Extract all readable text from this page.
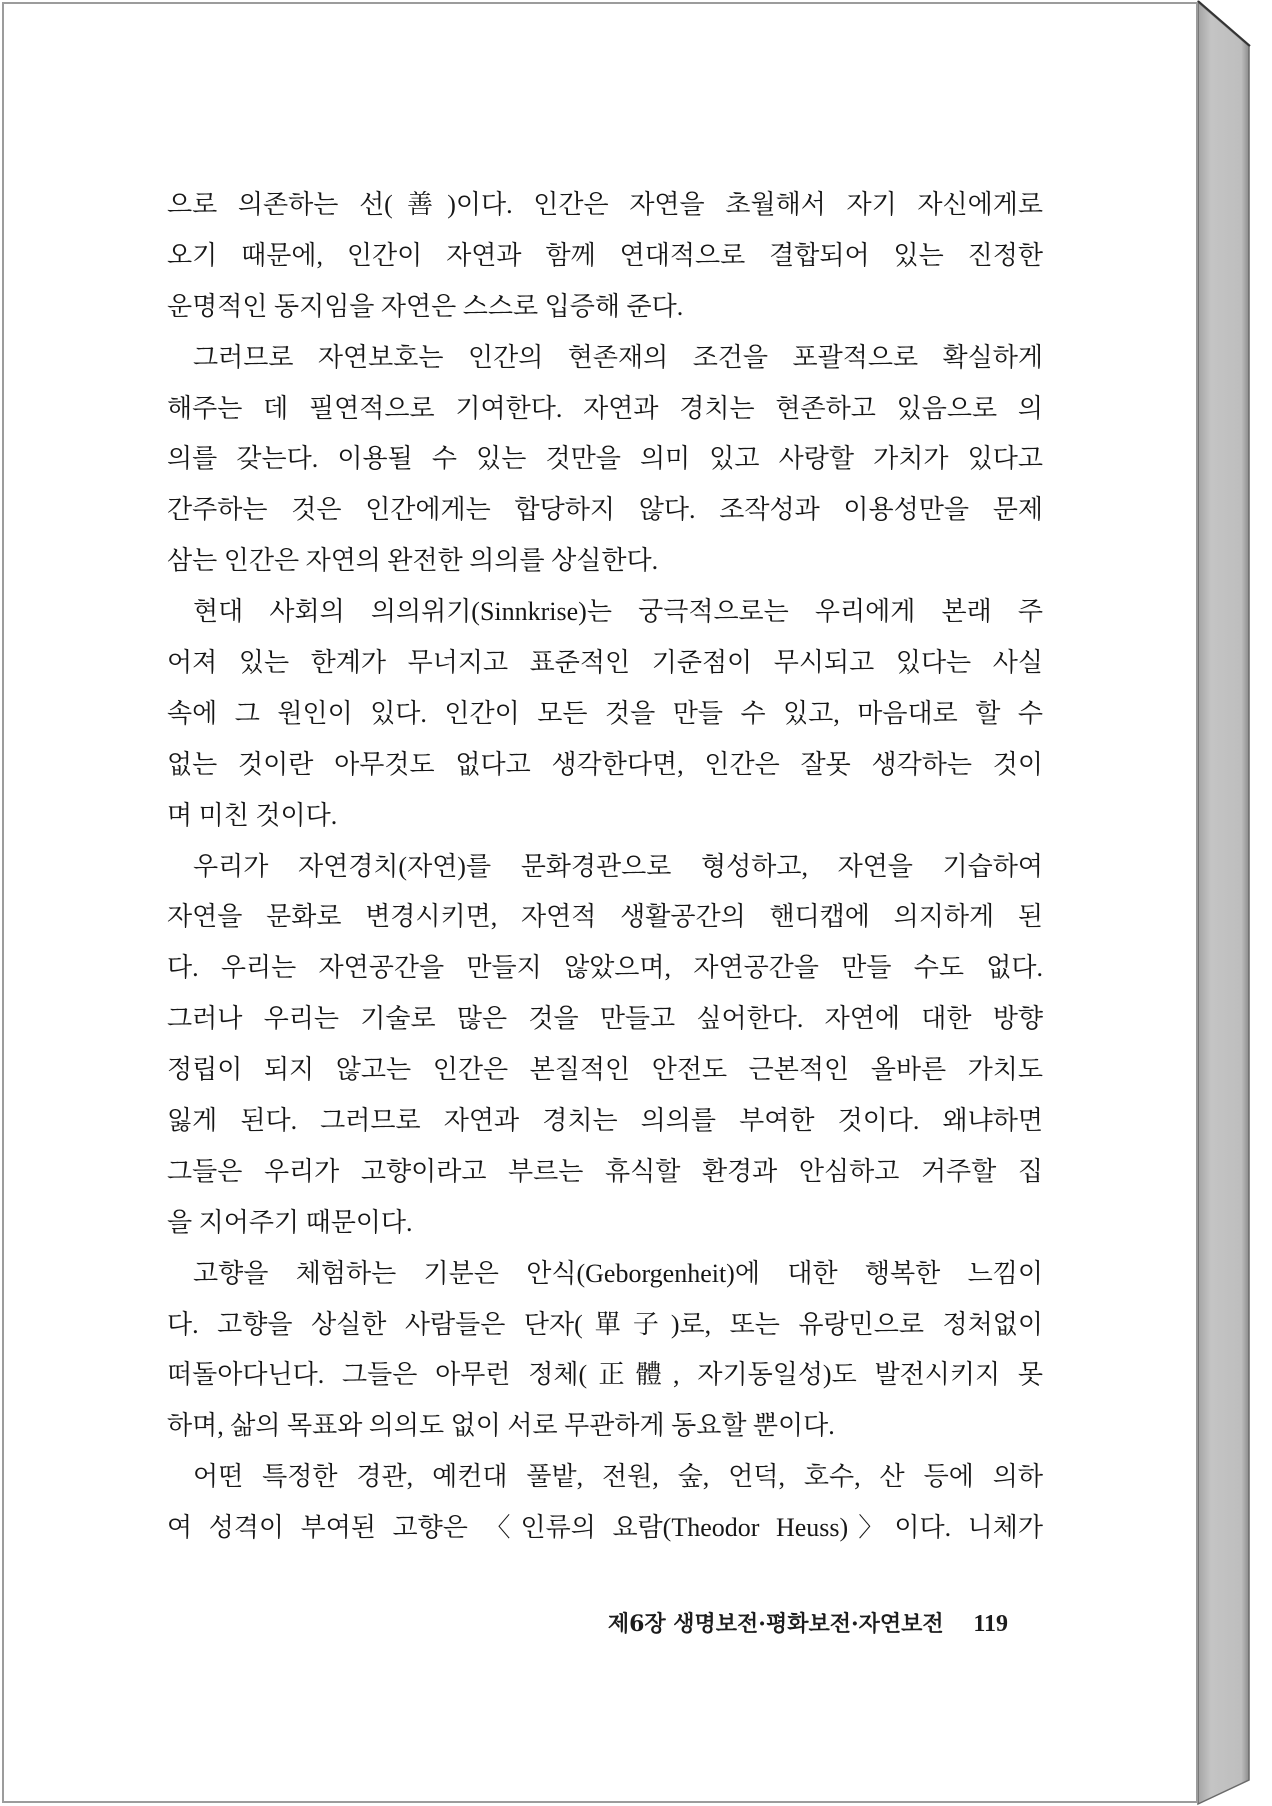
으로 의존하는 선(善)이다. 인간은 자연을 초월해서 자기 자신에게로
오기 때문에, 인간이 자연과 함께 연대적으로 결합되어 있는 진정한
운명적인 동지임을 자연은 스스로 입증해 준다.
그러므로 자연보호는 인간의 현존재의 조건을 포괄적으로 확실하게
해주는 데 필연적으로 기여한다. 자연과 경치는 현존하고 있음으로 의
의를 갖는다. 이용될 수 있는 것만을 의미 있고 사랑할 가치가 있다고
간주하는 것은 인간에게는 합당하지 않다. 조작성과 이용성만을 문제
삼는 인간은 자연의 완전한 의의를 상실한다.
현대 사회의 의의위기(Sinnkrise)는 궁극적으로는 우리에게 본래 주
어져 있는 한계가 무너지고 표준적인 기준점이 무시되고 있다는 사실
속에 그 원인이 있다. 인간이 모든 것을 만들 수 있고, 마음대로 할 수
없는 것이란 아무것도 없다고 생각한다면, 인간은 잘못 생각하는 것이
며 미친 것이다.
우리가 자연경치(자연)를 문화경관으로 형성하고, 자연을 기습하여
자연을 문화로 변경시키면, 자연적 생활공간의 핸디캡에 의지하게 된
다. 우리는 자연공간을 만들지 않았으며, 자연공간을 만들 수도 없다.
그러나 우리는 기술로 많은 것을 만들고 싶어한다. 자연에 대한 방향
정립이 되지 않고는 인간은 본질적인 안전도 근본적인 올바른 가치도
잃게 된다. 그러므로 자연과 경치는 의의를 부여한 것이다. 왜냐하면
그들은 우리가 고향이라고 부르는 휴식할 환경과 안심하고 거주할 집
을 지어주기 때문이다.
고향을 체험하는 기분은 안식(Geborgenheit)에 대한 행복한 느낌이
다. 고향을 상실한 사람들은 단자(單子)로, 또는 유랑민으로 정처없이
떠돌아다닌다. 그들은 아무런 정체(正體, 자기동일성)도 발전시키지 못
하며, 삶의 목표와 의의도 없이 서로 무관하게 동요할 뿐이다.
어떤 특정한 경관, 예컨대 풀밭, 전원, 숲, 언덕, 호수, 산 등에 의하
여 성격이 부여된 고향은 〈인류의 요람(Theodor Heuss)〉이다. 니체가
제6장 생명보전·평화보전·자연보전 119
